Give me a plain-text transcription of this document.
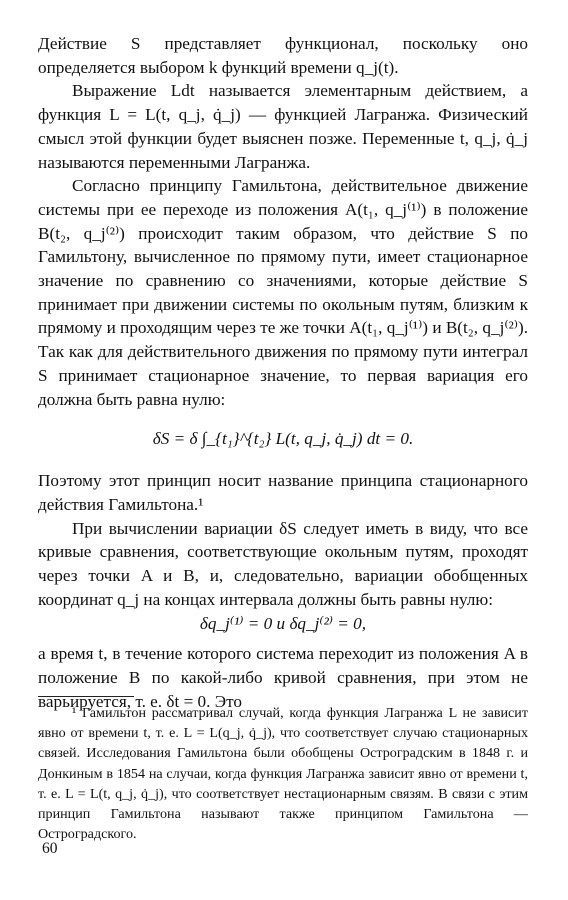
Действие S представляет функционал, поскольку оно определяется выбором k функций времени q_j(t).

Выражение Ldt называется элементарным действием, а функция L = L(t, q_j, q̇_j) — функцией Лагранжа. Физический смысл этой функции будет выяснен позже. Переменные t, q_j, q̇_j называются переменными Лагранжа.

Согласно принципу Гамильтона, действительное движение системы при ее переходе из положения A(t₁, q_j⁽¹⁾) в положение B(t₂, q_j⁽²⁾) происходит таким образом, что действие S по Гамильтону, вычисленное по прямому пути, имеет стационарное значение по сравнению со значениями, которые действие S принимает при движении системы по окольным путям, близким к прямому и проходящим через те же точки A(t₁, q_j⁽¹⁾) и B(t₂, q_j⁽²⁾). Так как для действительного движения по прямому пути интеграл S принимает стационарное значение, то первая вариация его должна быть равна нулю:

δS = δ ∫_{t₁}^{t₂} L(t, q_j, q̇_j) dt = 0.

Поэтому этот принцип носит название принципа стационарного действия Гамильтона.¹

При вычислении вариации δS следует иметь в виду, что все кривые сравнения, соответствующие окольным путям, проходят через точки A и B, и, следовательно, вариации обобщенных координат q_j на концах интервала должны быть равны нулю:

δq_j⁽¹⁾ = 0 и δq_j⁽²⁾ = 0,

а время t, в течение которого система переходит из положения A в положение B по какой-либо кривой сравнения, при этом не варьируется, т. е. δt = 0. Это

¹ Гамильтон рассматривал случай, когда функция Лагранжа L не зависит явно от времени t, т. е. L = L(q_j, q̇_j), что соответствует случаю стационарных связей. Исследования Гамильтона были обобщены Остроградским в 1848 г. и Донкиным в 1854 на случаи, когда функция Лагранжа зависит явно от времени t, т. е. L = L(t, q_j, q̇_j), что соответствует нестационарным связям. В связи с этим принцип Гамильтона называют также принципом Гамильтона — Остроградского.

60
